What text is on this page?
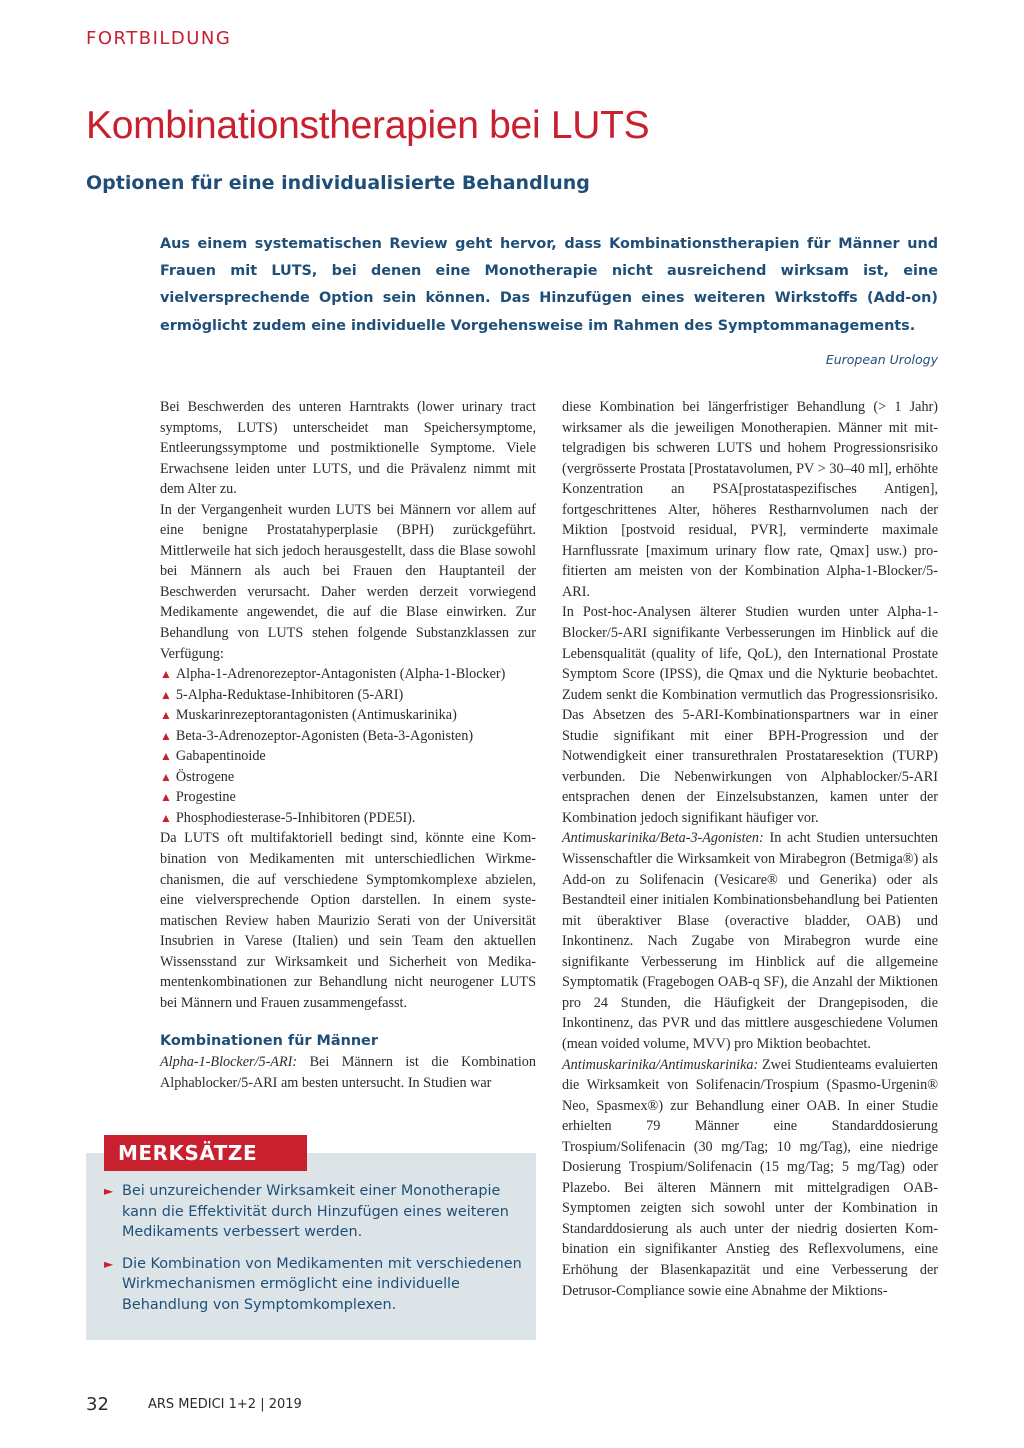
FORTBILDUNG
Kombinationstherapien bei LUTS
Optionen für eine individualisierte Behandlung

Aus einem systematischen Review geht hervor, dass Kombinationstherapien für Männer und Frauen mit LUTS, bei denen eine Monotherapie nicht ausreichend wirksam ist, eine vielversprechende Option sein können. Das Hinzufügen eines weiteren Wirkstoffs (Add-on) ermöglicht zudem eine individuelle Vorgehensweise im Rahmen des Symptommanagements.

European Urology

Bei Beschwerden des unteren Harntrakts (lower urinary tract symptoms, LUTS) unterscheidet man Speichersymptome, Entleerungssymptome und postmiktionelle Symptome. Viele Erwachsene leiden unter LUTS, und die Prävalenz nimmt mit dem Alter zu.

In der Vergangenheit wurden LUTS bei Männern vor allem auf eine benigne Prostatahyperplasie (BPH) zurückgeführt. Mittlerweile hat sich jedoch herausgestellt, dass die Blase sowohl bei Männern als auch bei Frauen den Hauptanteil der Beschwerden verursacht. Daher werden derzeit vorwiegend Medikamente angewendet, die auf die Blase einwirken. Zur Behandlung von LUTS stehen folgende Substanzklassen zur Verfügung:

▲ Alpha-1-Adrenorezeptor-Antagonisten (Alpha-1-Blocker)
▲ 5-Alpha-Reduktase-Inhibitoren (5-ARI)
▲ Muskarinrezeptorantagonisten (Antimuskarinika)
▲ Beta-3-Adrenozeptor-Agonisten (Beta-3-Agonisten)
▲ Gabapentinoide
▲ Östrogene
▲ Progestine
▲ Phosphodiesterase-5-Inhibitoren (PDE5I).

Da LUTS oft multifaktoriell bedingt sind, könnte eine Kombination von Medikamenten mit unterschiedlichen Wirkmechanismen, die auf verschiedene Symptomkomplexe abzielen, eine vielversprechende Option darstellen. In einem systematischen Review haben Maurizio Serati von der Universität Insubrien in Varese (Italien) und sein Team den aktuellen Wissensstand zur Wirksamkeit und Sicherheit von Medikamentenkombinationen zur Behandlung nicht neurogener LUTS bei Männern und Frauen zusammengefasst.

Kombinationen für Männer

Alpha-1-Blocker/5-ARI: Bei Männern ist die Kombination Alphablocker/5-ARI am besten untersucht. In Studien war

diese Kombination bei längerfristiger Behandlung (> 1 Jahr) wirksamer als die jeweiligen Monotherapien. Männer mit mittelgradigen bis schweren LUTS und hohem Progressionsrisiko (vergrösserte Prostata [Prostatavolumen, PV > 30–40 ml], erhöhte Konzentration an PSA[prostataspezifisches Antigen], fortgeschrittenes Alter, höheres Restharnvolumen nach der Miktion [postvoid residual, PVR], verminderte maximale Harnflussrate [maximum urinary flow rate, Qmax] usw.) profitierten am meisten von der Kombination Alpha-1-Blocker/5-ARI.

In Post-hoc-Analysen älterer Studien wurden unter Alpha-1-Blocker/5-ARI signifikante Verbesserungen im Hinblick auf die Lebensqualität (quality of life, QoL), den International Prostate Symptom Score (IPSS), die Qmax und die Nykturie beobachtet. Zudem senkt die Kombination vermutlich das Progressionsrisiko. Das Absetzen des 5-ARI-Kombinationspartners war in einer Studie signifikant mit einer BPH-Progression und der Notwendigkeit einer transurethralen Prostataresektion (TURP) verbunden. Die Nebenwirkungen von Alphablocker/5-ARI entsprachen denen der Einzelsubstanzen, kamen unter der Kombination jedoch signifikant häufiger vor.

Antimuskarinika/Beta-3-Agonisten: In acht Studien untersuchten Wissenschaftler die Wirksamkeit von Mirabegron (Betmiga®) als Add-on zu Solifenacin (Vesicare® und Generika) oder als Bestandteil einer initialen Kombinationsbehandlung bei Patienten mit überaktiver Blase (overactive bladder, OAB) und Inkontinenz. Nach Zugabe von Mirabegron wurde eine signifikante Verbesserung im Hinblick auf die allgemeine Symptomatik (Fragebogen OAB-q SF), die Anzahl der Miktionen pro 24 Stunden, die Häufigkeit der Drangepisoden, die Inkontinenz, das PVR und das mittlere ausgeschiedene Volumen (mean voided volume, MVV) pro Miktion beobachtet.

Antimuskarinika/Antimuskarinika: Zwei Studienteams evaluierten die Wirksamkeit von Solifenacin/Trospium (Spasmo-Urgenin® Neo, Spasmex®) zur Behandlung einer OAB. In einer Studie erhielten 79 Männer eine Standarddosierung Trospium/Solifenacin (30 mg/Tag; 10 mg/Tag), eine niedrige Dosierung Trospium/Solifenacin (15 mg/Tag; 5 mg/Tag) oder Plazebo. Bei älteren Männern mit mittelgradigen OAB-Symptomen zeigten sich sowohl unter der Kombination in Standarddosierung als auch unter der niedrig dosierten Kombination ein signifikanter Anstieg des Reflexvolumens, eine Erhöhung der Blasenkapazität und eine Verbesserung der Detrusor-Compliance sowie eine Abnahme der Miktions-

MERKSÄTZE
► Bei unzureichender Wirksamkeit einer Monotherapie kann die Effektivität durch Hinzufügen eines weiteren Medikaments verbessert werden.
► Die Kombination von Medikamenten mit verschiedenen Wirkmechanismen ermöglicht eine individuelle Behandlung von Symptomkomplexen.
32	ARS MEDICI 1+2 | 2019
